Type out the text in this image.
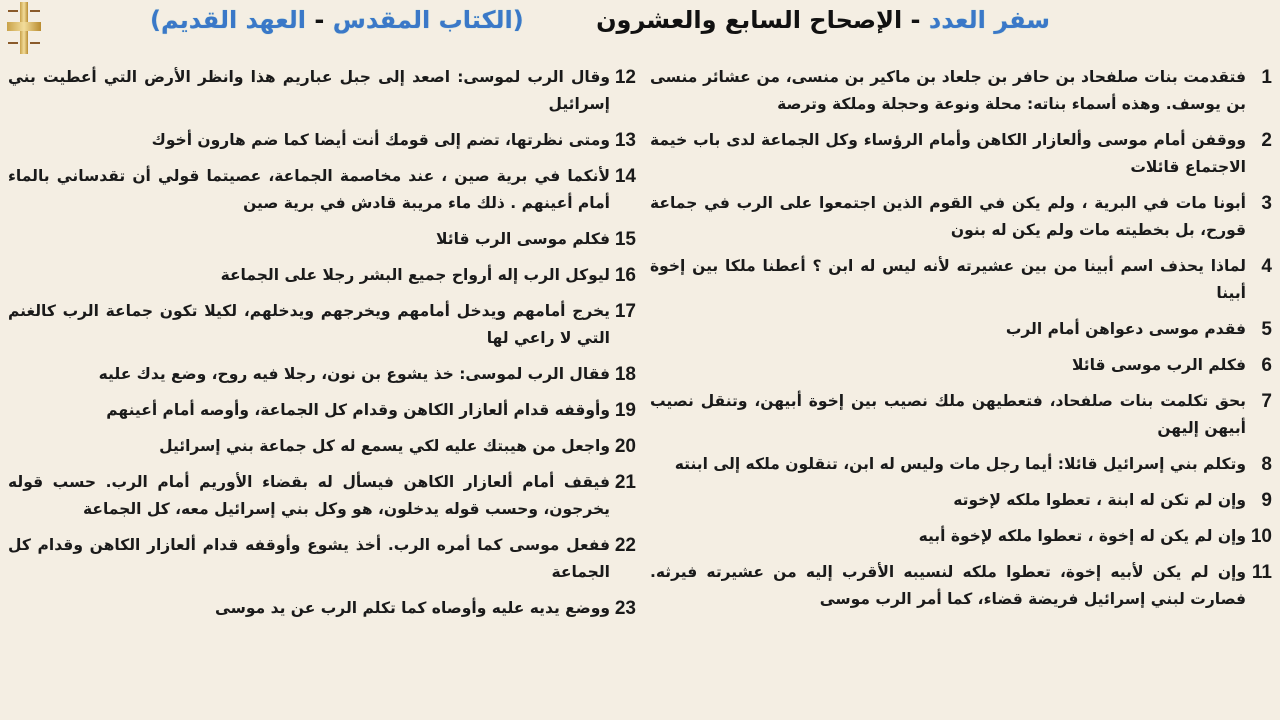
سفر العدد - الإصحاح السابع والعشرون
(الكتاب المقدس - العهد القديم)
1
فتقدمت بنات صلفحاد بن حافر بن جلعاد بن ماكير بن منسى، من عشائر منسى بن يوسف. وهذه أسماء بناته: محلة ونوعة وحجلة وملكة وترصة
2
ووقفن أمام موسى وألعازار الكاهن وأمام الرؤساء وكل الجماعة لدى باب خيمة الاجتماع قائلات
3
أبونا مات في البرية ، ولم يكن في القوم الذين اجتمعوا على الرب في جماعة قورح، بل بخطيته مات ولم يكن له بنون
4
لماذا يحذف اسم أبينا من بين عشيرته لأنه ليس له ابن ؟ أعطنا ملكا بين إخوة أبينا
5
فقدم موسى دعواهن أمام الرب
6
فكلم الرب موسى قائلا
7
بحق تكلمت بنات صلفحاد، فتعطيهن ملك نصيب بين إخوة أبيهن، وتنقل نصيب أبيهن إليهن
8
وتكلم بني إسرائيل قائلا: أيما رجل مات وليس له ابن، تنقلون ملكه إلى ابنته
9
وإن لم تكن له ابنة ، تعطوا ملكه لإخوته
10
وإن لم يكن له إخوة ، تعطوا ملكه لإخوة أبيه
11
وإن لم يكن لأبيه إخوة، تعطوا ملكه لنسيبه الأقرب إليه من عشيرته فيرثه. فصارت لبني إسرائيل فريضة قضاء، كما أمر الرب موسى
12
وقال الرب لموسى: اصعد إلى جبل عباريم هذا وانظر الأرض التي أعطيت بني إسرائيل
13
ومتى نظرتها، تضم إلى قومك أنت أيضا كما ضم هارون أخوك
14
لأنكما في برية صين ، عند مخاصمة الجماعة، عصيتما قولي أن تقدساني بالماء أمام أعينهم . ذلك ماء مريبة قادش في برية صين
15
فكلم موسى الرب قائلا
16
ليوكل الرب إله أرواح جميع البشر رجلا على الجماعة
17
يخرج أمامهم ويدخل أمامهم ويخرجهم ويدخلهم، لكيلا تكون جماعة الرب كالغنم التي لا راعي لها
18
فقال الرب لموسى: خذ يشوع بن نون، رجلا فيه روح، وضع يدك عليه
19
وأوقفه قدام ألعازار الكاهن وقدام كل الجماعة، وأوصه أمام أعينهم
20
واجعل من هيبتك عليه لكي يسمع له كل جماعة بني إسرائيل
21
فيقف أمام ألعازار الكاهن فيسأل له بقضاء الأوريم أمام الرب. حسب قوله يخرجون، وحسب قوله يدخلون، هو وكل بني إسرائيل معه، كل الجماعة
22
ففعل موسى كما أمره الرب. أخذ يشوع وأوقفه قدام ألعازار الكاهن وقدام كل الجماعة
23
ووضع يديه عليه وأوصاه كما تكلم الرب عن يد موسى
